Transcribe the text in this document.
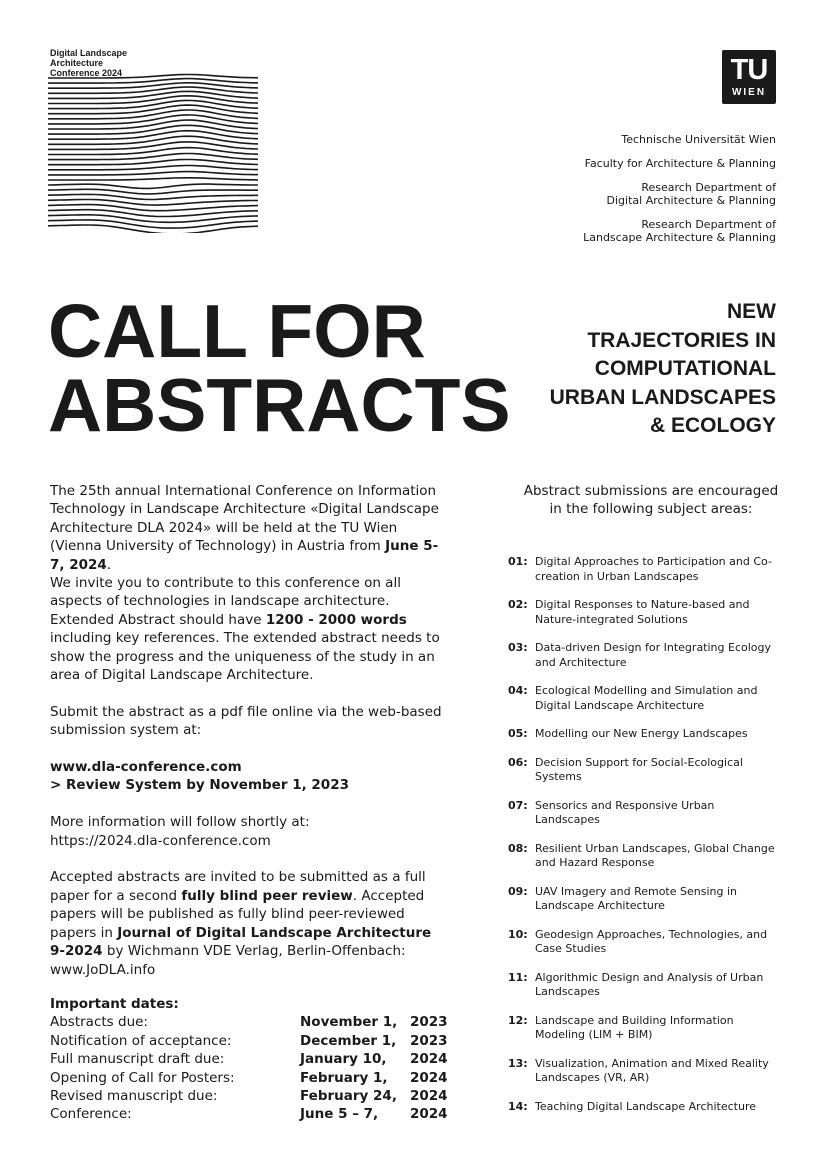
Digital Landscape
Architecture
Conference 2024	TU
WIEN
Technische Universität Wien
Faculty for Architecture & Planning
Research Department of
Digital Architecture & Planning
Research Department of
Landscape Architecture & Planning
CALL FOR
ABSTRACTS
NEW
TRAJECTORIES IN
COMPUTATIONAL
URBAN LANDSCAPES
& ECOLOGY

The 25th annual International Conference on Information Technology in Landscape Architecture «Digital Landscape Architecture DLA 2024» will be held at the TU Wien (Vienna University of Technology) in Austria from June 5-7, 2024.
We invite you to contribute to this conference on all aspects of technologies in landscape architecture. Extended Abstract should have 1200 - 2000 words including key references. The extended abstract needs to show the progress and the uniqueness of the study in an area of Digital Landscape Architecture.

Submit the abstract as a pdf file online via the web-based submission system at:

www.dla-conference.com
> Review System by November 1, 2023

More information will follow shortly at:
https://2024.dla-conference.com

Accepted abstracts are invited to be submitted as a full paper for a second fully blind peer review. Accepted papers will be published as fully blind peer-reviewed papers in Journal of Digital Landscape Architecture 9-2024 by Wichmann VDE Verlag, Berlin-Offenbach: www.JoDLA.info

Important dates:
Abstracts due:	November 1, 2023
Notification of acceptance:	December 1, 2023
Full manuscript draft due:	January 10, 2024
Opening of Call for Posters:	February 1, 2024
Revised manuscript due:	February 24, 2024
Conference:	June 5 – 7, 2024
Abstract submissions are encouraged in the following subject areas:
01: Digital Approaches to Participation and Co-creation in Urban Landscapes
02: Digital Responses to Nature-based and Nature-integrated Solutions
03: Data-driven Design for Integrating Ecology and Architecture
04: Ecological Modelling and Simulation and Digital Landscape Architecture
05: Modelling our New Energy Landscapes
06: Decision Support for Social-Ecological Systems
07: Sensorics and Responsive Urban Landscapes
08: Resilient Urban Landscapes, Global Change and Hazard Response
09: UAV Imagery and Remote Sensing in Landscape Architecture
10: Geodesign Approaches, Technologies, and Case Studies
11: Algorithmic Design and Analysis of Urban Landscapes
12: Landscape and Building Information Modeling (LIM + BIM)
13: Visualization, Animation and Mixed Reality Landscapes (VR, AR)
14: Teaching Digital Landscape Architecture
